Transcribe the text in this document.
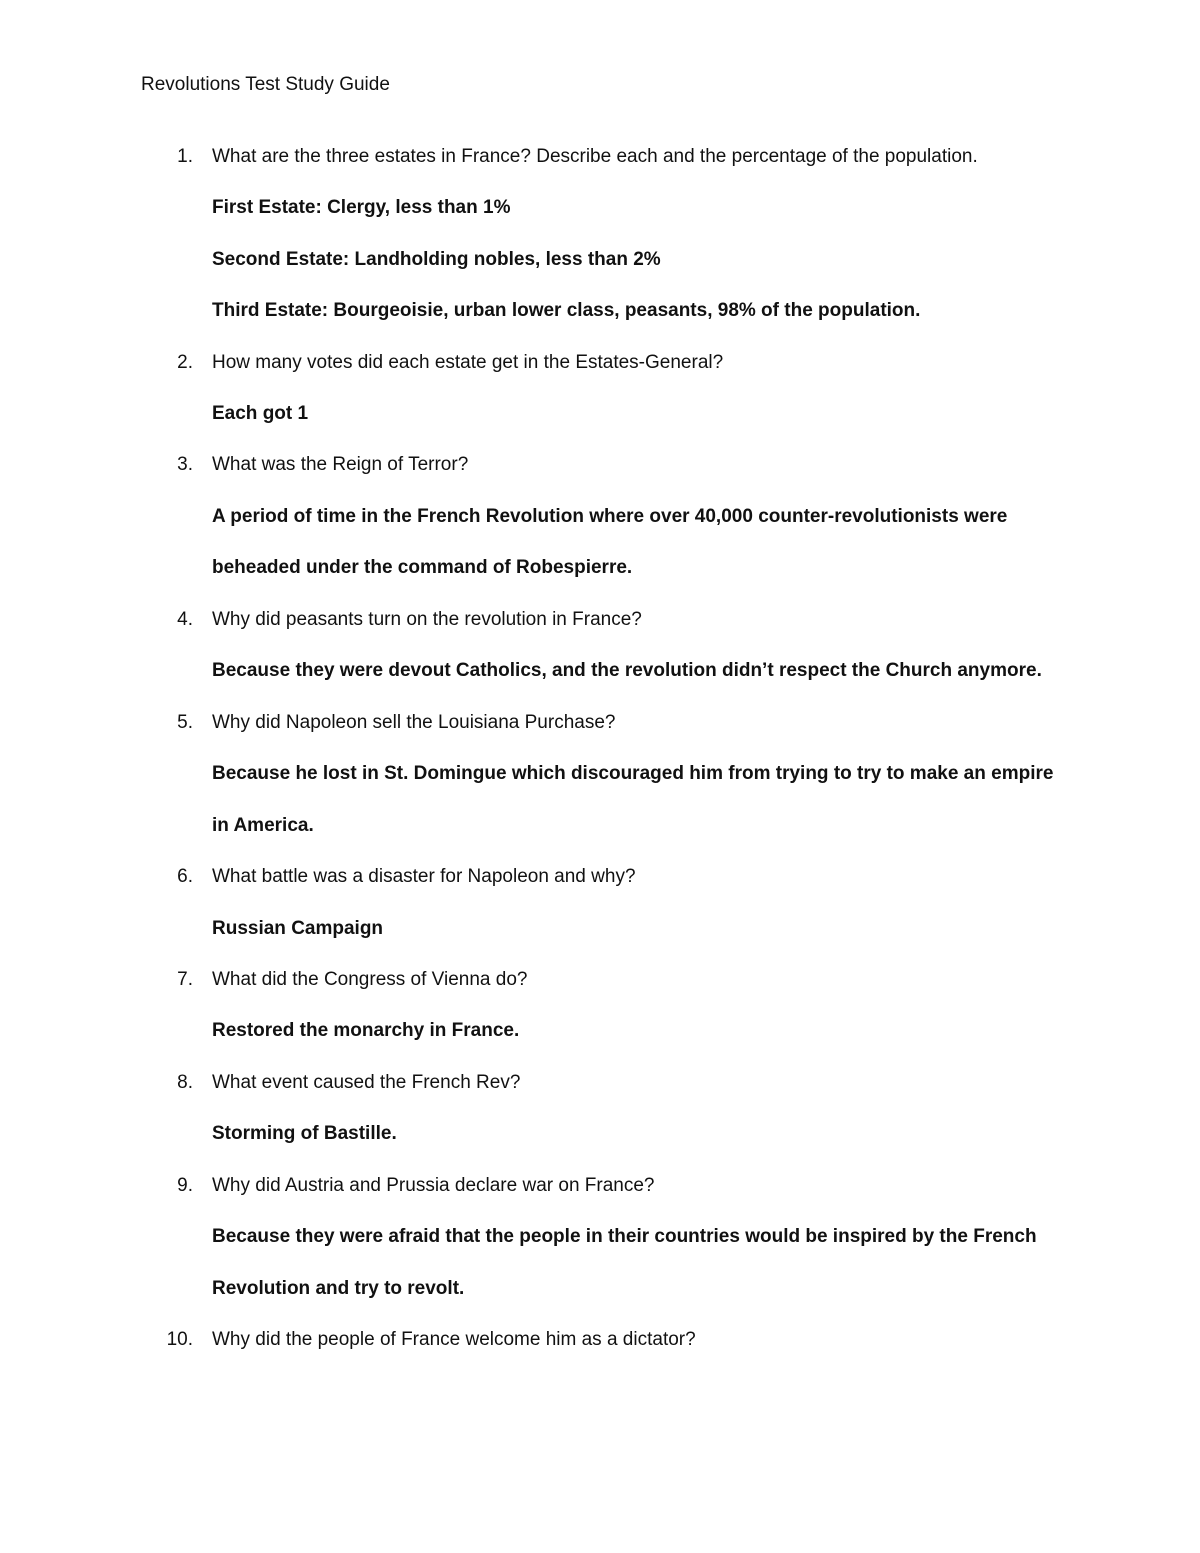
Revolutions Test Study Guide
1. What are the three estates in France? Describe each and the percentage of the population.
First Estate: Clergy, less than 1%
Second Estate: Landholding nobles, less than 2%
Third Estate: Bourgeoisie, urban lower class, peasants, 98% of the population.
2. How many votes did each estate get in the Estates-General?
Each got 1
3. What was the Reign of Terror?
A period of time in the French Revolution where over 40,000 counter-revolutionists were
beheaded under the command of Robespierre.
4. Why did peasants turn on the revolution in France?
Because they were devout Catholics, and the revolution didn’t respect the Church anymore.
5. Why did Napoleon sell the Louisiana Purchase?
Because he lost in St. Domingue which discouraged him from trying to try to make an empire
in America.
6. What battle was a disaster for Napoleon and why?
Russian Campaign
7. What did the Congress of Vienna do?
Restored the monarchy in France.
8. What event caused the French Rev?
Storming of Bastille.
9. Why did Austria and Prussia declare war on France?
Because they were afraid that the people in their countries would be inspired by the French
Revolution and try to revolt.
10. Why did the people of France welcome him as a dictator?
